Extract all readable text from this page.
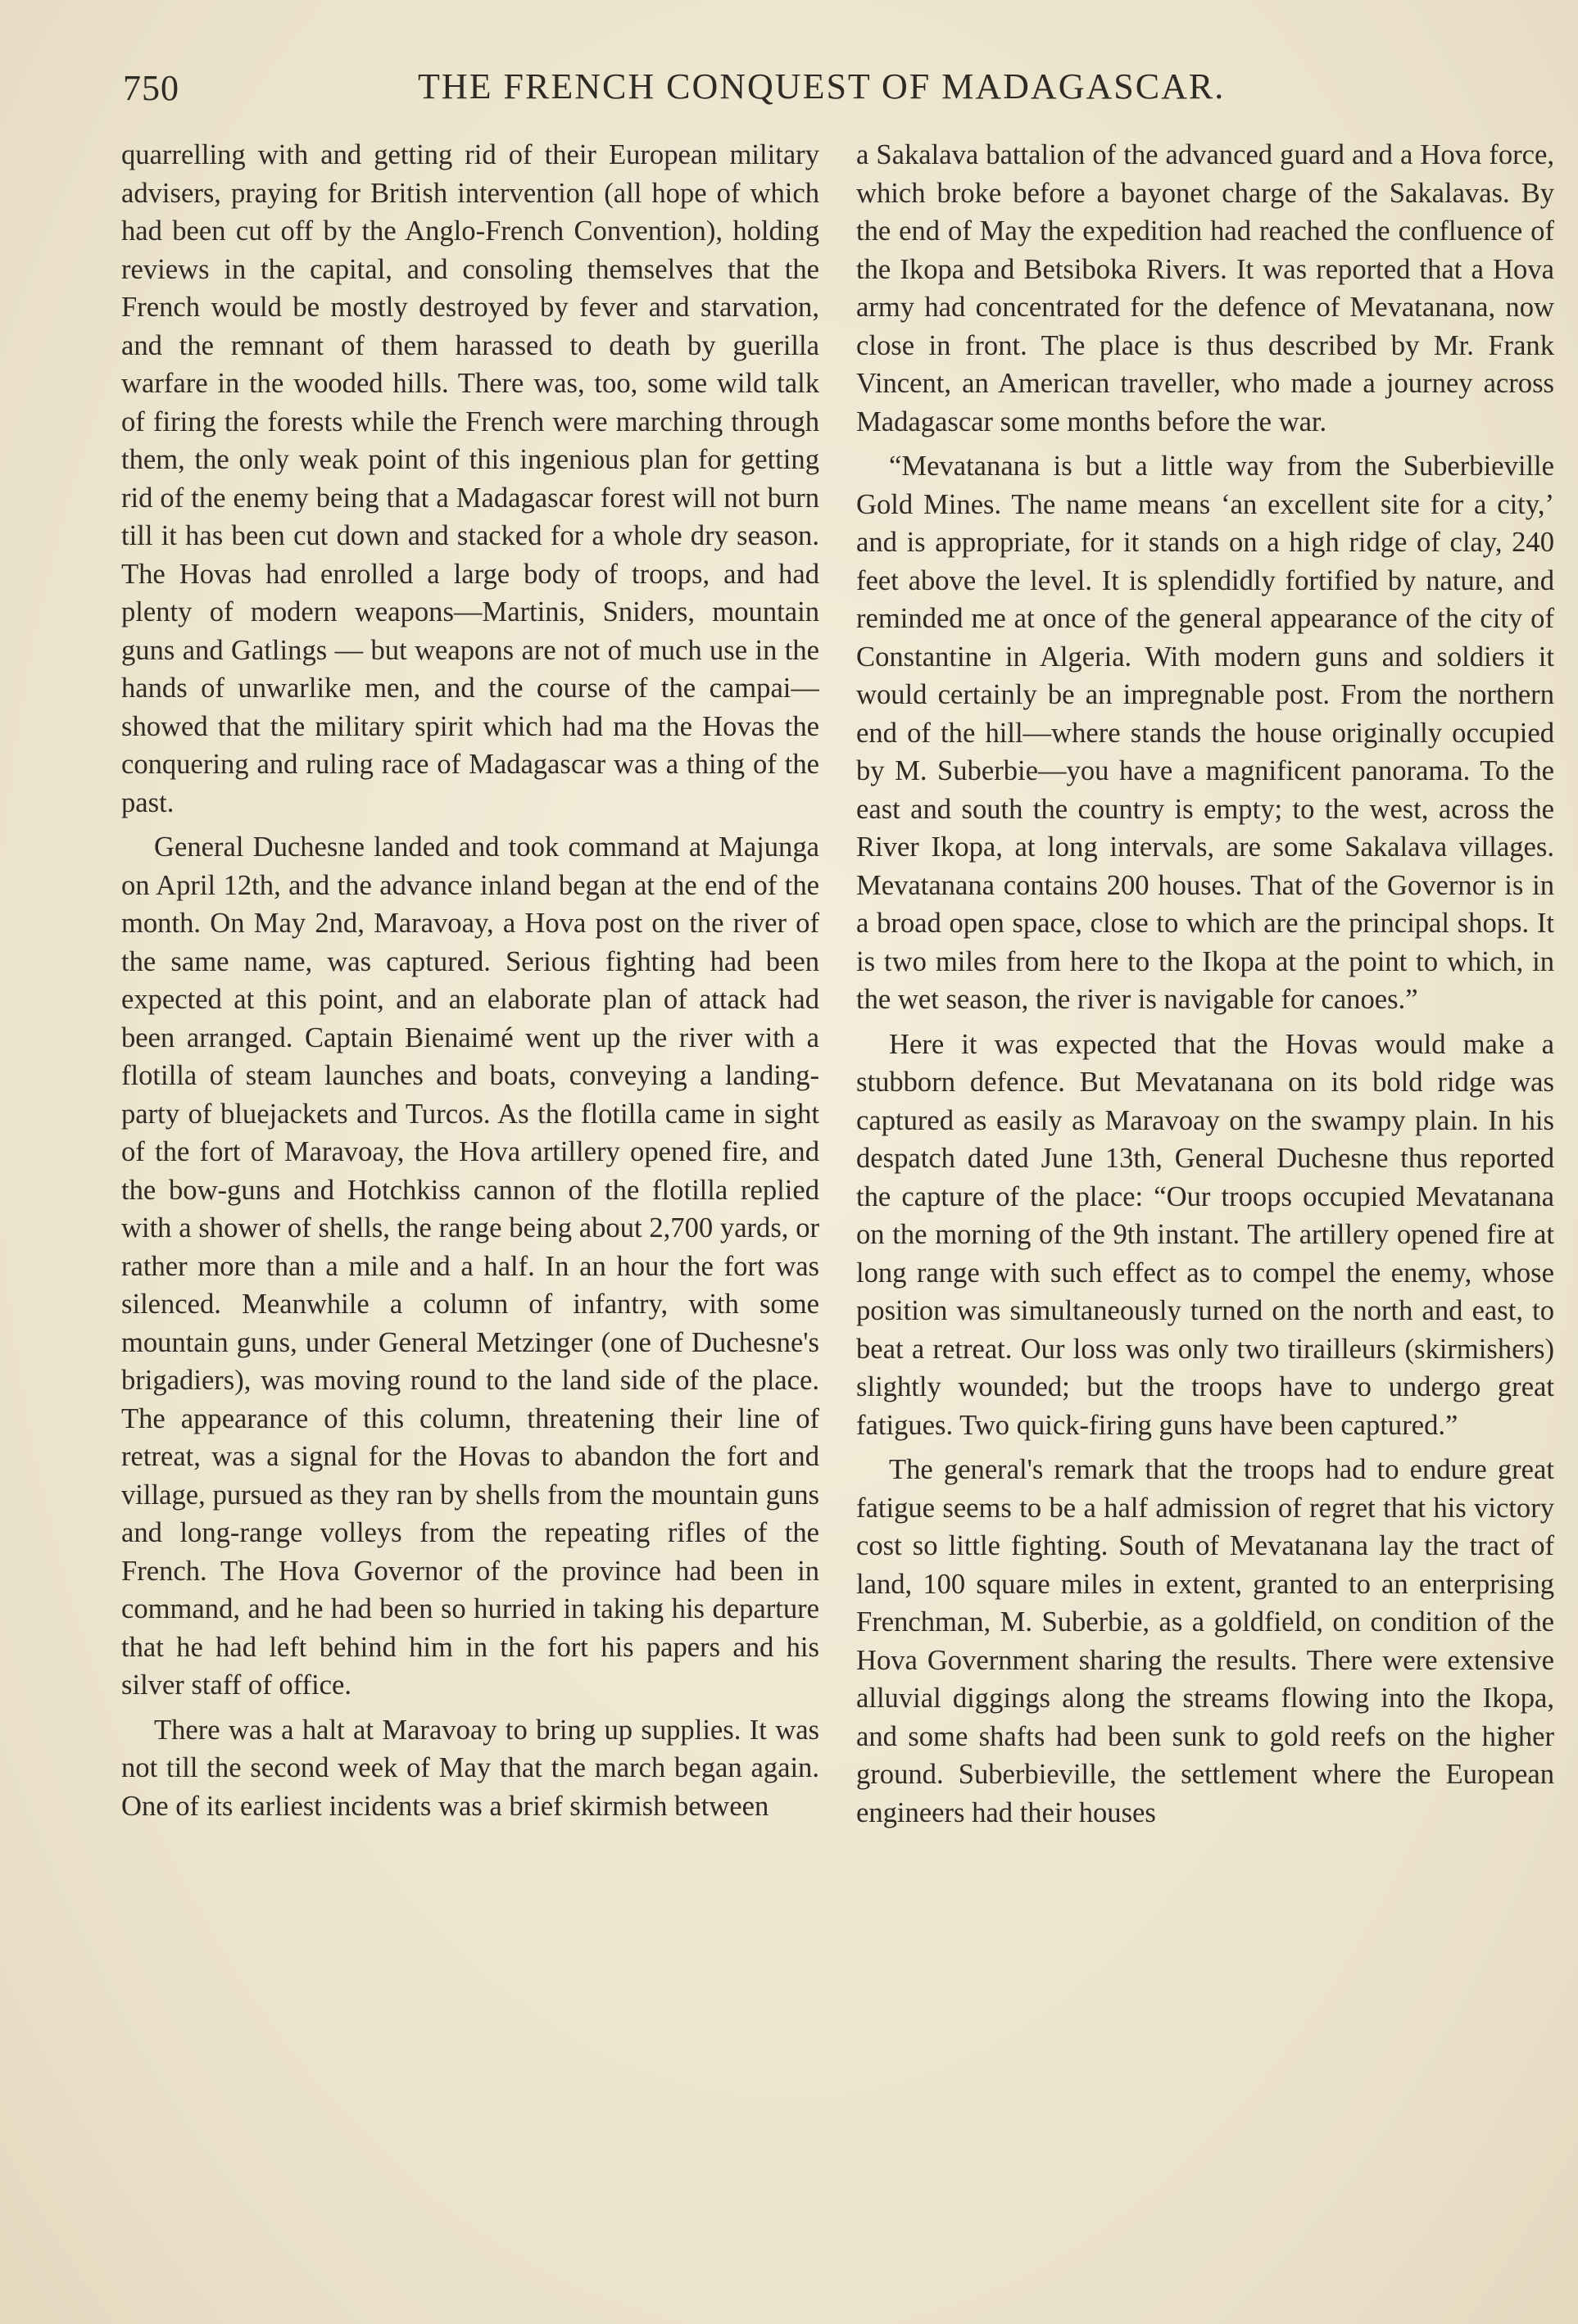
750	THE FRENCH CONQUEST OF MADAGASCAR.

quarrelling with and getting rid of their European military advisers, praying for British intervention (all hope of which had been cut off by the Anglo-French Convention), holding reviews in the capital, and consoling themselves that the French would be mostly destroyed by fever and starvation, and the remnant of them harassed to death by guerilla warfare in the wooded hills. There was, too, some wild talk of firing the forests while the French were marching through them, the only weak point of this ingenious plan for getting rid of the enemy being that a Madagascar forest will not burn till it has been cut down and stacked for a whole dry season. The Hovas had enrolled a large body of troops, and had plenty of modern weapons—Martinis, Sniders, mountain guns and Gatlings — but weapons are not of much use in the hands of unwarlike men, and the course of the campai— showed that the military spirit which had ma the Hovas the conquering and ruling race of Madagascar was a thing of the past.

General Duchesne landed and took command at Majunga on April 12th, and the advance inland began at the end of the month. On May 2nd, Maravoay, a Hova post on the river of the same name, was captured. Serious fighting had been expected at this point, and an elaborate plan of attack had been arranged. Captain Bienaimé went up the river with a flotilla of steam launches and boats, conveying a landing-party of bluejackets and Turcos. As the flotilla came in sight of the fort of Maravoay, the Hova artillery opened fire, and the bow-guns and Hotchkiss cannon of the flotilla replied with a shower of shells, the range being about 2,700 yards, or rather more than a mile and a half. In an hour the fort was silenced. Meanwhile a column of infantry, with some mountain guns, under General Metzinger (one of Duchesne's brigadiers), was moving round to the land side of the place. The appearance of this column, threatening their line of retreat, was a signal for the Hovas to abandon the fort and village, pursued as they ran by shells from the mountain guns and long-range volleys from the repeating rifles of the French. The Hova Governor of the province had been in command, and he had been so hurried in taking his departure that he had left behind him in the fort his papers and his silver staff of office.

There was a halt at Maravoay to bring up supplies. It was not till the second week of May that the march began again. One of its earliest incidents was a brief skirmish between

a Sakalava battalion of the advanced guard and a Hova force, which broke before a bayonet charge of the Sakalavas. By the end of May the expedition had reached the confluence of the Ikopa and Betsiboka Rivers. It was reported that a Hova army had concentrated for the defence of Mevatanana, now close in front. The place is thus described by Mr. Frank Vincent, an American traveller, who made a journey across Madagascar some months before the war.

“Mevatanana is but a little way from the Suberbieville Gold Mines. The name means ‘an excellent site for a city,’ and is appropriate, for it stands on a high ridge of clay, 240 feet above the level. It is splendidly fortified by nature, and reminded me at once of the general appearance of the city of Constantine in Algeria. With modern guns and soldiers it would certainly be an impregnable post. From the northern end of the hill—where stands the house originally occupied by M. Suberbie—you have a magnificent panorama. To the east and south the country is empty; to the west, across the River Ikopa, at long intervals, are some Sakalava villages. Mevatanana contains 200 houses. That of the Governor is in a broad open space, close to which are the principal shops. It is two miles from here to the Ikopa at the point to which, in the wet season, the river is navigable for canoes.”

Here it was expected that the Hovas would make a stubborn defence. But Mevatanana on its bold ridge was captured as easily as Maravoay on the swampy plain. In his despatch dated June 13th, General Duchesne thus reported the capture of the place: “Our troops occupied Mevatanana on the morning of the 9th instant. The artillery opened fire at long range with such effect as to compel the enemy, whose position was simultaneously turned on the north and east, to beat a retreat. Our loss was only two tirailleurs (skirmishers) slightly wounded; but the troops have to undergo great fatigues. Two quick-firing guns have been captured.”

The general's remark that the troops had to endure great fatigue seems to be a half admission of regret that his victory cost so little fighting. South of Mevatanana lay the tract of land, 100 square miles in extent, granted to an enterprising Frenchman, M. Suberbie, as a goldfield, on condition of the Hova Government sharing the results. There were extensive alluvial diggings along the streams flowing into the Ikopa, and some shafts had been sunk to gold reefs on the higher ground. Suberbieville, the settlement where the European engineers had their houses
